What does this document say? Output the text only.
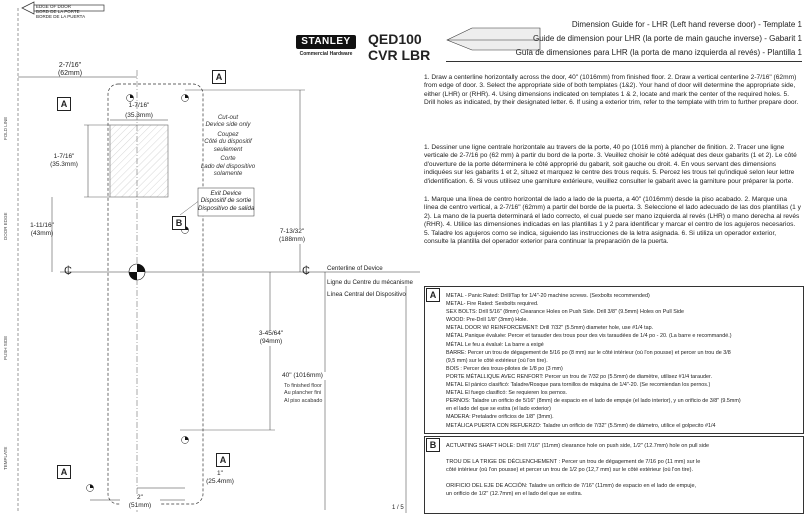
EDGE OF DOOR
BORD DE LA PORTE
BORDE DE LA PUERTA
STANLEY
Commercial Hardware
QED100
CVR LBR
Dimension Guide for - LHR (Left hand reverse door) - Template 1
Guide de dimension pour LHR (la porte de main gauche inverse) - Gabarit 1
Guía de dimensiones para LHR (la porta de mano izquierda al revés) - Plantilla 1
2-7/16"
(62mm)
1-7/16"
(35.3mm)
1-7/16"
(35.3mm)
Cut-out
Device side only
Coupez
Côté du dispositif
seulement
Corte
Lado del dispositivo
solamente
Exit Device
Dispositif de sortie
Dispositivo de salida
1-11/16"
(43mm)	7-13/32"
(188mm)
3-45/64"
(94mm)
40" (1016mm)
To finished floor
Au plancher fini
Al piso acabado
1"
(25.4mm)
2"
(51mm)
Centerline of Device
Ligne du Centre du mécanisme
Línea Central del Dispositivo
₵	₵
FOLD LINE
DOOR EDGE
PUSH SIDE
TEMPLATE
A
A
B
A
A
1. Draw a centerline horizontally across the door, 40" (1016mm) from finished floor. 2. Draw a vertical centerline 2-7/16" (62mm) from edge of door. 3. Select the appropriate side of both templates (1&2). Your hand of door will determine the appropriate side, either (LHR) or (RHR). 4. Using dimensions indicated on templates 1 & 2, locate and mark the center of the required holes. 5. Drill holes as indicated, by their designated letter. 6. If using a exterior trim, refer to the template with trim to further prepare door.
1. Dessiner une ligne centrale horizontale au travers de la porte, 40 po (1016 mm) à plancher de finition. 2. Tracer une ligne verticale de 2-7/16 po (62 mm) à partir du bord de la porte. 3. Veuillez choisir le côté adéquat des deux gabarits (1 et 2). Le côté d'ouverture de la porte déterminera le côté approprié du gabarit, soit gauche ou droit. 4. En vous servant des dimensions indiquées sur les gabarits 1 et 2, situez et marquez le centre des trous requis. 5. Percez les trous tel qu'indiqué selon leur lettre d'identification. 6. Si vous utilisez une garniture extérieure, veuillez consulter le gabarit avec la garniture pour préparer la porte.
1. Marque una línea de centro horizontal de lado a lado de la puerta, a 40" (1016mm) desde la piso acabado. 2. Marque una línea de centro vertical, a 2-7/16" (62mm) a partir del borde de la puerta. 3. Seleccione el lado adecuado de las dos plantillas (1 y 2). La mano de la puerta determinará el lado correcto, el cual puede ser mano izquierda al revés (LHR) o mano derecha al revés (RHR). 4. Utilice las dimensiones indicadas en las plantillas 1 y 2 para identificar y marcar el centro de los agujeros necesarios. 5. Taladre los agujeros como se indica, siguiendo las instrucciones de la letra asignada. 6. Si utiliza un operador exterior, consulte la plantilla del operador exterior para continuar la preparación de la puerta.
A	METAL - Panic Rated: Drill/Tap for 1/4"-20 machine screws. (Sexbolts recommended)
METAL- Fire Rated: Sexbolts required.
SEX BOLTS: Drill 5/16" (8mm) Clearance Holes on Push Side. Drill 3/8" (9.5mm) Holes on Pull Side
WOOD: Pre-Drill 1/8" (3mm) Hole.
METAL DOOR W/ REINFORCEMENT: Drill 7/32" (5.5mm) diameter hole, use #1/4 tap.
MÉTAL Panique évaluée: Percer et tarauder des trous pour des vis taraudées de 1/4 po - 20. (La barre e recommandé.)
MÉTAL Le feu a évalué: La barre a exigé
BARRE: Percer un trou de dégagement de 5/16 po (8 mm) sur le côté intérieur (où l'on pousse) et percer un trou de 3/8
(9,5 mm) sur le côté extérieur (où l'on tire).
BOIS : Percer des trous-pilotes de 1/8 po (3 mm)
PORTE MÉTALLIQUE AVEC RENFORT: Percer un trou de 7/32 po (5.5mm) de diamètre, utilisez #1/4 tarauder.
METAL El pánico clasificó: Taladre/Rosque para tornillos de máquina de 1/4"-20. (Se recomiendan los pernos.)
METAL El fuego clasificó: Se requieren los pernos.
PERNOS: Taladre un orificio de 5/16" (8mm) de espacio en el lado de empuje (el lado interior), y un orificio de 3/8" (9.5mm)
en el lado del que se estira (el lado exterior)
MADERA: Pretaladre orificios de 1/8" (3mm).
METÁLICA PUERTA CON REFUERZO: Taladre un orificio de 7/32" (5.5mm) de diámetro, utilice el golpecito #1/4
B	ACTUATING SHAFT HOLE: Drill 7/16" (11mm) clearance hole on push side, 1/2" (12.7mm) hole on pull side
TROU DE LA TRIGE DE DÉCLENCHEMENT : Percer un trou de dégagement de 7/16 po (11 mm) sur le
côté intérieur (où l'on pousse) et percer un trou de 1/2 po (12,7 mm) sur le côté extérieur (où l'on tire).
ORIFICIO DEL EJE DE ACCIÓN: Taladre un orificio de 7/16" (11mm) de espacio en el lado de empuje,
un orificio de 1/2" (12.7mm) en el lado del que se estira.
1 / 5
